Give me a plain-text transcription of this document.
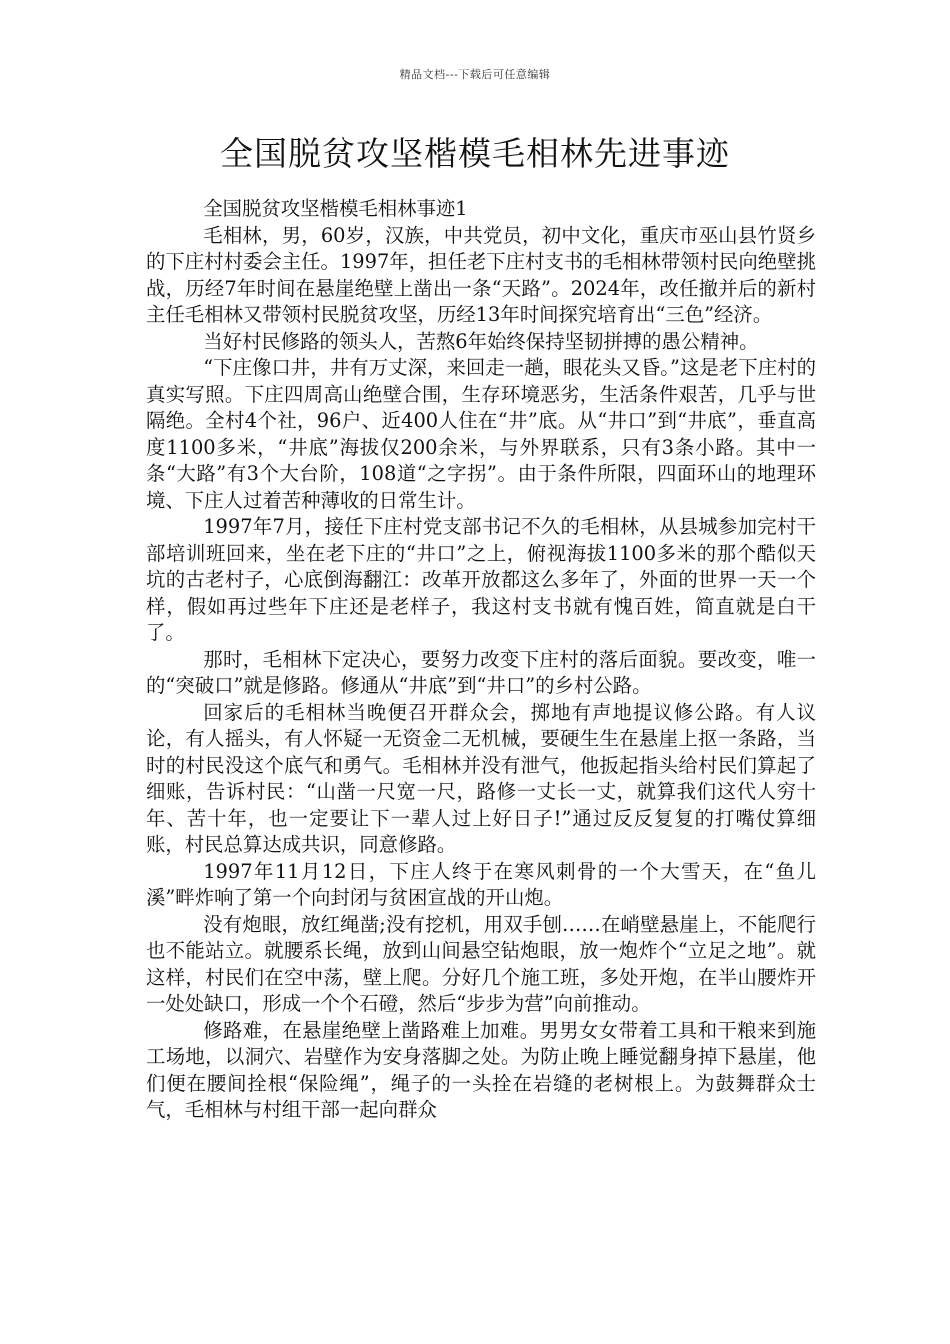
精品文档---下载后可任意编辑
全国脱贫攻坚楷模毛相林先进事迹

全国脱贫攻坚楷模毛相林事迹1

毛相林，男，60岁，汉族，中共党员，初中文化，重庆市巫山县竹贤乡的下庄村村委会主任。1997年，担任老下庄村支书的毛相林带领村民向绝壁挑战，历经7年时间在悬崖绝壁上凿出一条“天路”。2024年，改任撤并后的新村主任毛相林又带领村民脱贫攻坚，历经13年时间探究培育出“三色”经济。

当好村民修路的领头人，苦熬6年始终保持坚韧拼搏的愚公精神。

“下庄像口井，井有万丈深，来回走一趟，眼花头又昏。”这是老下庄村的真实写照。下庄四周高山绝壁合围，生存环境恶劣，生活条件艰苦，几乎与世隔绝。全村4个社，96户、近400人住在“井”底。从“井口”到“井底”，垂直高度1100多米，“井底”海拔仅200余米，与外界联系，只有3条小路。其中一条“大路”有3个大台阶，108道“之字拐”。由于条件所限，四面环山的地理环境、下庄人过着苦种薄收的日常生计。

1997年7月，接任下庄村党支部书记不久的毛相林，从县城参加完村干部培训班回来，坐在老下庄的“井口”之上，俯视海拔1100多米的那个酷似天坑的古老村子，心底倒海翻江：改革开放都这么多年了，外面的世界一天一个样，假如再过些年下庄还是老样子，我这村支书就有愧百姓，简直就是白干了。

那时，毛相林下定决心，要努力改变下庄村的落后面貌。要改变，唯一的“突破口”就是修路。修通从“井底”到“井口”的乡村公路。

回家后的毛相林当晚便召开群众会，掷地有声地提议修公路。有人议论，有人摇头，有人怀疑一无资金二无机械，要硬生生在悬崖上抠一条路，当时的村民没这个底气和勇气。毛相林并没有泄气，他扳起指头给村民们算起了细账，告诉村民：“山凿一尺宽一尺，路修一丈长一丈，就算我们这代人穷十年、苦十年，也一定要让下一辈人过上好日子!”通过反反复复的打嘴仗算细账，村民总算达成共识，同意修路。

1997年11月12日，下庄人终于在寒风刺骨的一个大雪天，在“鱼儿溪”畔炸响了第一个向封闭与贫困宣战的开山炮。

没有炮眼，放红绳凿;没有挖机，用双手刨……在峭壁悬崖上，不能爬行也不能站立。就腰系长绳，放到山间悬空钻炮眼，放一炮炸个“立足之地”。就这样，村民们在空中荡，壁上爬。分好几个施工班，多处开炮，在半山腰炸开一处处缺口，形成一个个石磴，然后“步步为营”向前推动。

修路难，在悬崖绝壁上凿路难上加难。男男女女带着工具和干粮来到施工场地，以洞穴、岩壁作为安身落脚之处。为防止晚上睡觉翻身掉下悬崖，他们便在腰间拴根“保险绳”，绳子的一头拴在岩缝的老树根上。为鼓舞群众士气，毛相林与村组干部一起向群众
